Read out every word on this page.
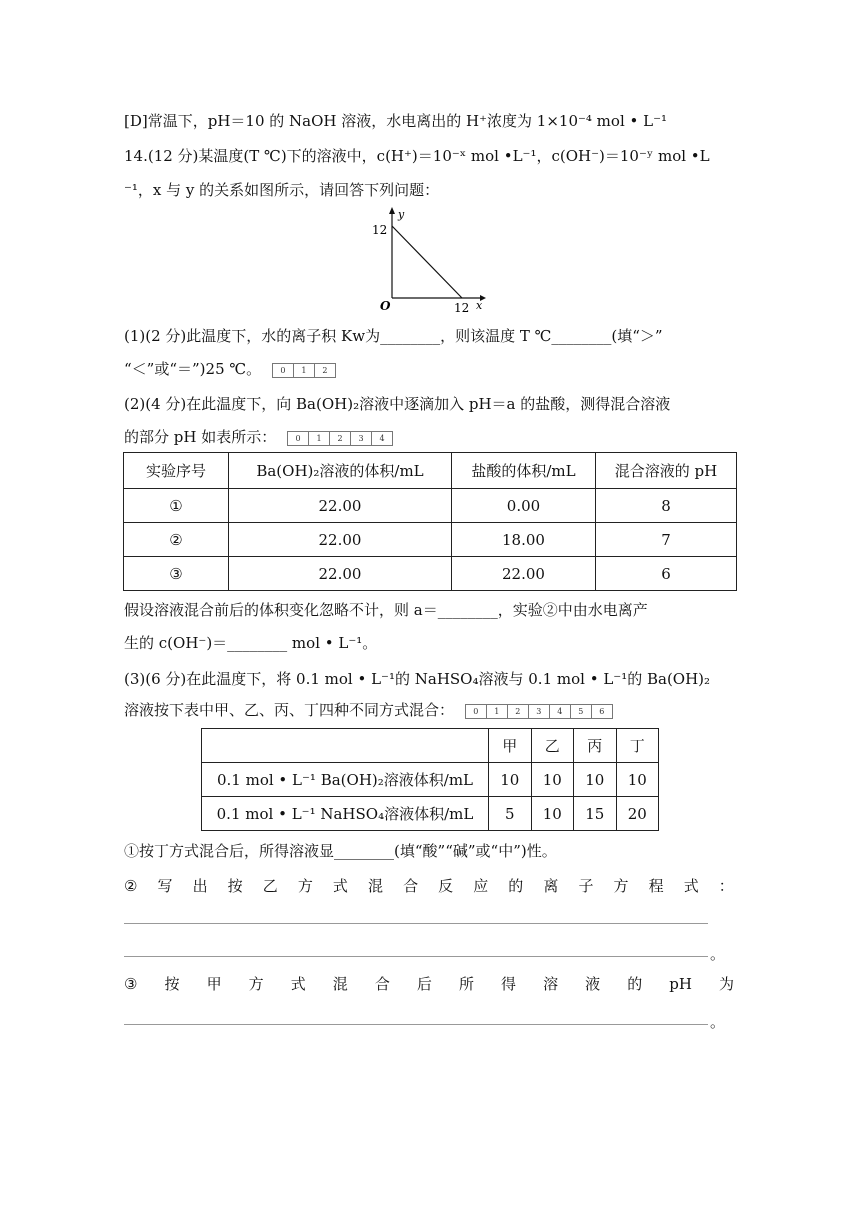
[D]常温下，pH＝10 的 NaOH 溶液，水电离出的 H⁺浓度为 1×10⁻⁴ mol • L⁻¹
14.(12 分)某温度(T ℃)下的溶液中，c(H⁺)＝10⁻ˣ mol •L⁻¹，c(OH⁻)＝10⁻ʸ mol •L
⁻¹，x 与 y 的关系如图所示，请回答下列问题：
y
12
O	12 x
(1)(2 分)此温度下，水的离子积 Kw为________，则该温度 T ℃________(填“＞”
“＜”或“＝”)25 ℃。 0 1 2
(2)(4 分)在此温度下，向 Ba(OH)₂溶液中逐滴加入 pH＝a 的盐酸，测得混合溶液
的部分 pH 如表所示： 0 1 2 3 4
实验序号	Ba(OH)₂溶液的体积/mL	盐酸的体积/mL	混合溶液的 pH
①	22.00	0.00	8
②	22.00	18.00	7
③	22.00	22.00	6
假设溶液混合前后的体积变化忽略不计，则 a＝________，实验②中由水电离产
生的 c(OH⁻)＝________ mol • L⁻¹。
(3)(6 分)在此温度下，将 0.1 mol • L⁻¹的 NaHSO₄溶液与 0.1 mol • L⁻¹的 Ba(OH)₂
溶液按下表中甲、乙、丙、丁四种不同方式混合： 0 1 2 3 4 5 6
	甲	乙	丙	丁
0.1 mol • L⁻¹ Ba(OH)₂溶液体积/mL	10	10	10	10
0.1 mol • L⁻¹ NaHSO₄溶液体积/mL	5	10	15	20
①按丁方式混合后，所得溶液显________(填“酸”“碱”或“中”)性。
② 写 出 按 乙 方 式 混 合 反 应 的 离 子 方 程 式 ：
。
③ 按 甲 方 式 混 合 后 所 得 溶 液 的 pH 为
。
